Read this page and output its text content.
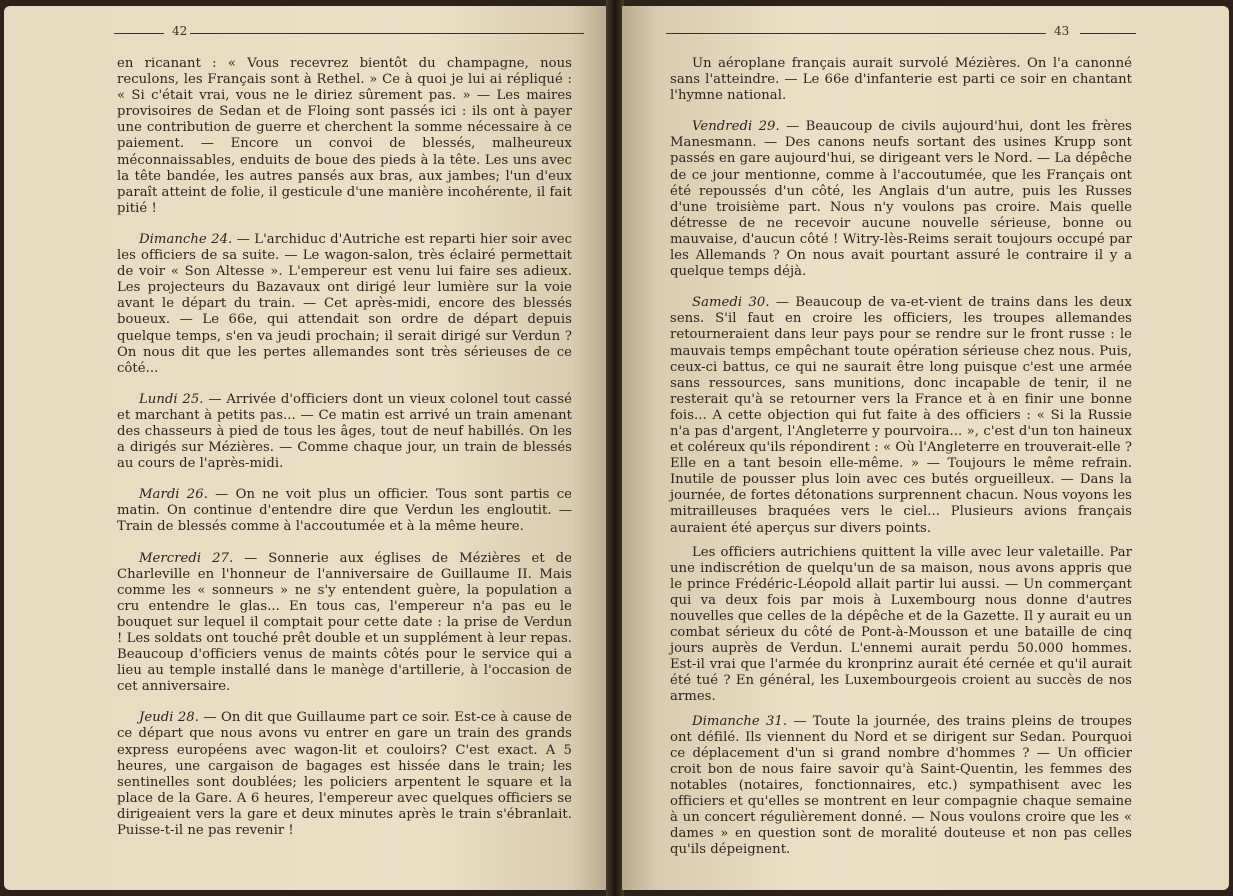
42

en ricanant : « Vous recevrez bientôt du champagne, nous reculons, les Français sont à Rethel. » Ce à quoi je lui ai répliqué : « Si c'était vrai, vous ne le diriez sûrement pas. » — Les maires provisoires de Sedan et de Floing sont passés ici : ils ont à payer une contribution de guerre et cherchent la somme nécessaire à ce paiement. — Encore un convoi de blessés, malheureux méconnaissables, enduits de boue des pieds à la tête. Les uns avec la tête bandée, les autres pansés aux bras, aux jambes; l'un d'eux paraît atteint de folie, il gesticule d'une manière incohérente, il fait pitié !

Dimanche 24. — L'archiduc d'Autriche est reparti hier soir avec les officiers de sa suite. — Le wagon-salon, très éclairé permettait de voir « Son Altesse ». L'empereur est venu lui faire ses adieux. Les projecteurs du Bazavaux ont dirigé leur lumière sur la voie avant le départ du train. — Cet après-midi, encore des blessés boueux. — Le 66e, qui attendait son ordre de départ depuis quelque temps, s'en va jeudi prochain; il serait dirigé sur Verdun ? On nous dit que les pertes allemandes sont très sérieuses de ce côté...

Lundi 25. — Arrivée d'officiers dont un vieux colonel tout cassé et marchant à petits pas... — Ce matin est arrivé un train amenant des chasseurs à pied de tous les âges, tout de neuf habillés. On les a dirigés sur Mézières. — Comme chaque jour, un train de blessés au cours de l'après-midi.

Mardi 26. — On ne voit plus un officier. Tous sont partis ce matin. On continue d'entendre dire que Verdun les engloutit. — Train de blessés comme à l'accoutumée et à la même heure.

Mercredi 27. — Sonnerie aux églises de Mézières et de Charleville en l'honneur de l'anniversaire de Guillaume II. Mais comme les « sonneurs » ne s'y entendent guère, la population a cru entendre le glas... En tous cas, l'empereur n'a pas eu le bouquet sur lequel il comptait pour cette date : la prise de Verdun ! Les soldats ont touché prêt double et un supplément à leur repas. Beaucoup d'officiers venus de maints côtés pour le service qui a lieu au temple installé dans le manège d'artillerie, à l'occasion de cet anniversaire.

Jeudi 28. — On dit que Guillaume part ce soir. Est-ce à cause de ce départ que nous avons vu entrer en gare un train des grands express européens avec wagon-lit et couloirs? C'est exact. A 5 heures, une cargaison de bagages est hissée dans le train; les sentinelles sont doublées; les policiers arpentent le square et la place de la Gare. A 6 heures, l'empereur avec quelques officiers se dirigeaient vers la gare et deux minutes après le train s'ébranlait. Puisse-t-il ne pas revenir !

43

Un aéroplane français aurait survolé Mézières. On l'a canonné sans l'atteindre. — Le 66e d'infanterie est parti ce soir en chantant l'hymne national.

Vendredi 29. — Beaucoup de civils aujourd'hui, dont les frères Manesmann. — Des canons neufs sortant des usines Krupp sont passés en gare aujourd'hui, se dirigeant vers le Nord. — La dépêche de ce jour mentionne, comme à l'accoutumée, que les Français ont été repoussés d'un côté, les Anglais d'un autre, puis les Russes d'une troisième part. Nous n'y voulons pas croire. Mais quelle détresse de ne recevoir aucune nouvelle sérieuse, bonne ou mauvaise, d'aucun côté ! Witry-lès-Reims serait toujours occupé par les Allemands ? On nous avait pourtant assuré le contraire il y a quelque temps déjà.

Samedi 30. — Beaucoup de va-et-vient de trains dans les deux sens. S'il faut en croire les officiers, les troupes allemandes retourneraient dans leur pays pour se rendre sur le front russe : le mauvais temps empêchant toute opération sérieuse chez nous. Puis, ceux-ci battus, ce qui ne saurait être long puisque c'est une armée sans ressources, sans munitions, donc incapable de tenir, il ne resterait qu'à se retourner vers la France et à en finir une bonne fois... A cette objection qui fut faite à des officiers : « Si la Russie n'a pas d'argent, l'Angleterre y pourvoira... », c'est d'un ton haineux et coléreux qu'ils répondirent : « Où l'Angleterre en trouverait-elle ? Elle en a tant besoin elle-même. » — Toujours le même refrain. Inutile de pousser plus loin avec ces butés orgueilleux. — Dans la journée, de fortes détonations surprennent chacun. Nous voyons les mitrailleuses braquées vers le ciel... Plusieurs avions français auraient été aperçus sur divers points.

Les officiers autrichiens quittent la ville avec leur valetaille. Par une indiscrétion de quelqu'un de sa maison, nous avons appris que le prince Frédéric-Léopold allait partir lui aussi. — Un commerçant qui va deux fois par mois à Luxembourg nous donne d'autres nouvelles que celles de la dépêche et de la Gazette. Il y aurait eu un combat sérieux du côté de Pont-à-Mousson et une bataille de cinq jours auprès de Verdun. L'ennemi aurait perdu 50.000 hommes. Est-il vrai que l'armée du kronprinz aurait été cernée et qu'il aurait été tué ? En général, les Luxembourgeois croient au succès de nos armes.

Dimanche 31. — Toute la journée, des trains pleins de troupes ont défilé. Ils viennent du Nord et se dirigent sur Sedan. Pourquoi ce déplacement d'un si grand nombre d'hommes ? — Un officier croit bon de nous faire savoir qu'à Saint-Quentin, les femmes des notables (notaires, fonctionnaires, etc.) sympathisent avec les officiers et qu'elles se montrent en leur compagnie chaque semaine à un concert régulièrement donné. — Nous voulons croire que les « dames » en question sont de moralité douteuse et non pas celles qu'ils dépeignent.
